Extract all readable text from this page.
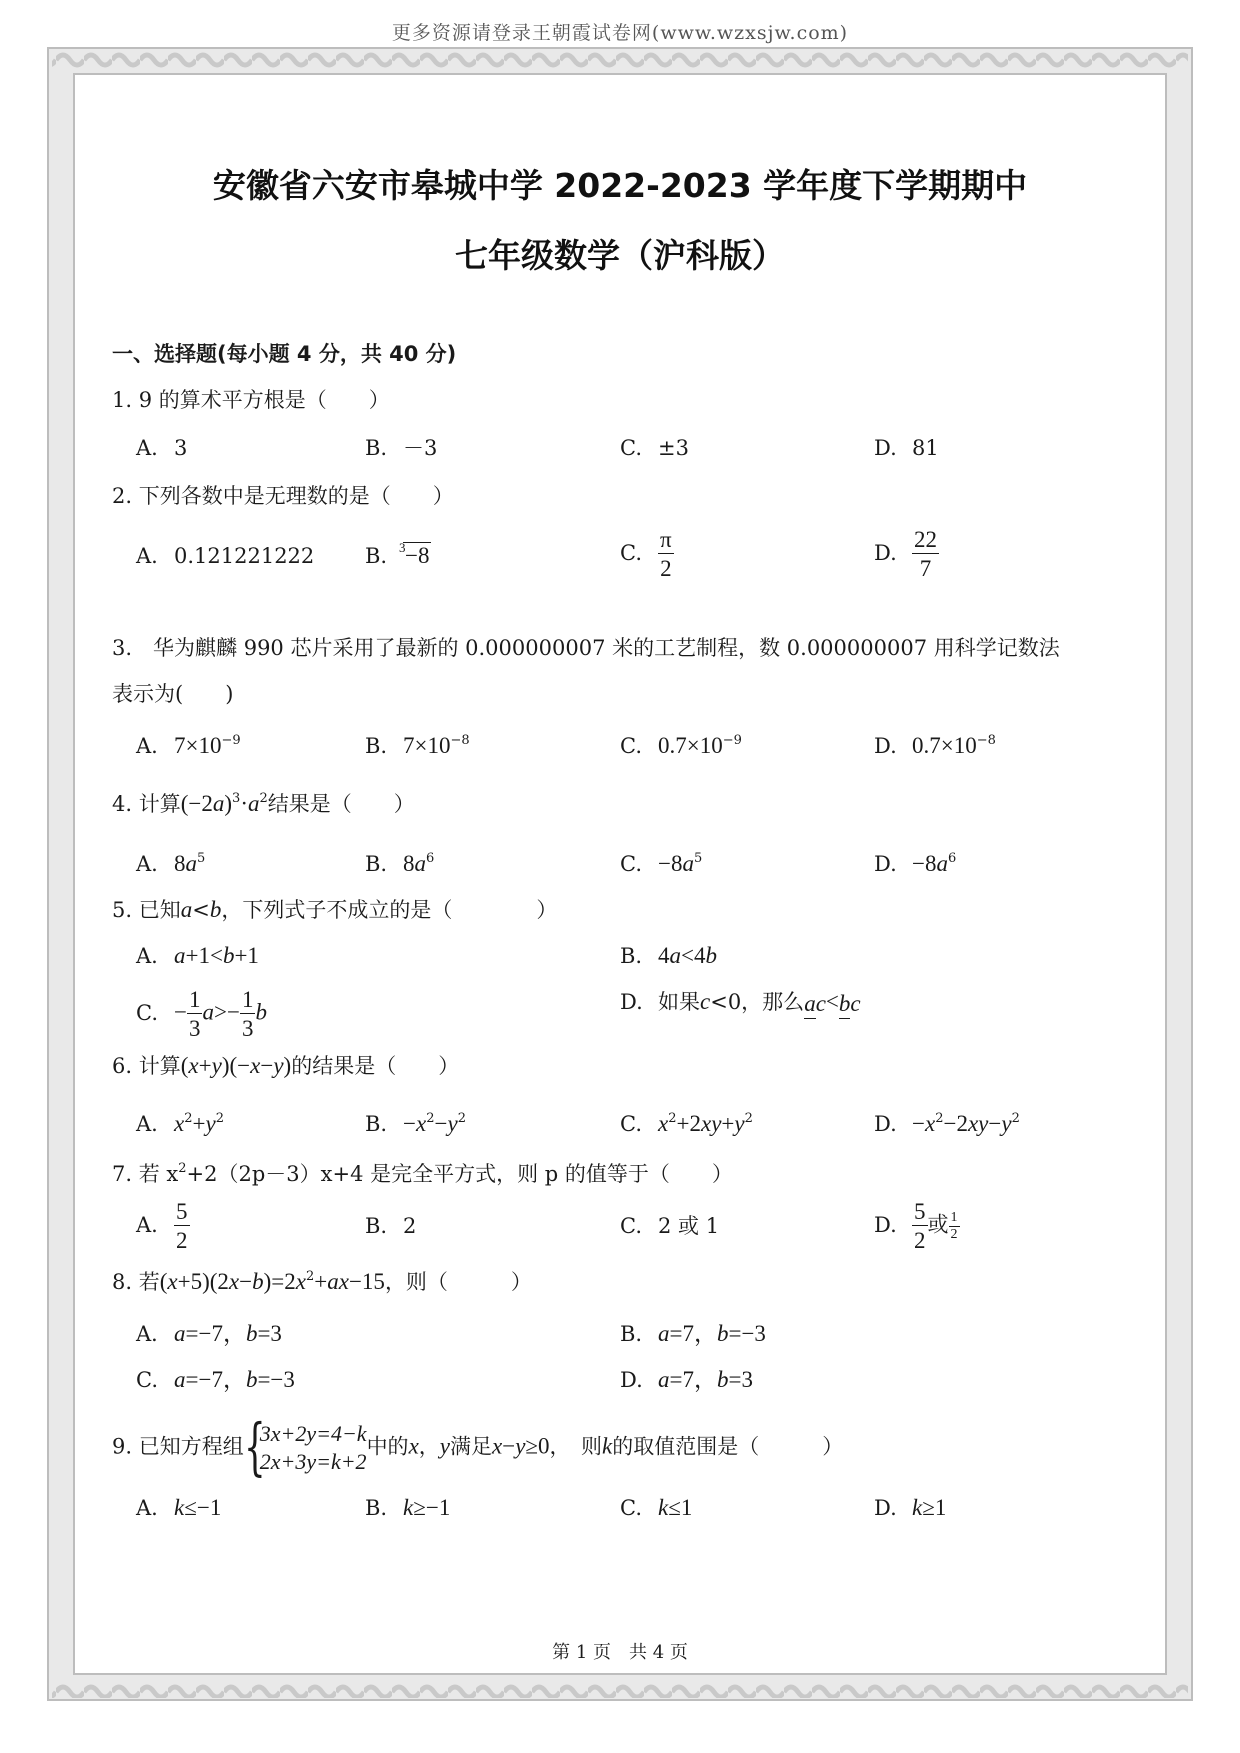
更多资源请登录王朝霞试卷网(www.wzxsjw.com)
安徽省六安市皋城中学 2022-2023 学年度下学期期中
七年级数学（沪科版）
一、选择题(每小题 4 分，共 40 分)
1. 9 的算术平方根是（　　）
A. 3	B. －3	C. ±3	D. 81
2. 下列各数中是无理数的是（　　）
A. 0.121221222 B. 3 −8	C. $\frac{\pi}{2}$	D. $\frac{22}{7}$
3.　华为麒麟 990 芯片采用了最新的 0.000000007 米的工艺制程，数 0.000000007 用科学记数法
表示为(　　)
A. $7\times 10^{-9}$	B. $7\times 10^{-8}$	C. $0.7\times 10^{-9}$	D. $0.7\times 10^{-8}$
4. 计算$(-2a)^3\cdot a^2$结果是（　　）
A. $8a^5$	B. $8a^6$	C. $-8a^5$	D. $-8a^6$
5. 已知a<b，下列式子不成立的是（　　　　）
A. a+1<b+1	B. 4a<4b
C. − $\frac{1}{3} a>- \frac{1}{3}$ b	D. 如果c<0，那么ac<bc
6. 计算(x+y)(−x−y)的结果是（　　）
A. $x^2+y^2$	B. $-x^2-y^2$	C. $x^2+2xy+y^2$	D. $-x^2-2xy-y^2$
7. 若 $x^2+2(2p-3)x+4$ 是完全平方式，则 p 的值等于（　　）
A. $\frac{5}{2}$	B. 2	C. 2 或 1	D. $\frac{5}{2}$ 或 $\frac{1}{2}$
8. 若$(x+5)(2x-b)=2x^2+ax-15$，则（　　　）
A．a=−7，b=3	B. a=7，b=−3
C. a=−7，b=−3	D. a=7，b=3
9. 已知方程组 {
3x+2y=4−k
2x+3y=k+2
中的x，y满足x−y≥0，　则k的取值范围是（　　　）
A. k≤−1	B. k≥−1	C. k≤1	D. k≥1
第 1 页　共 4 页
